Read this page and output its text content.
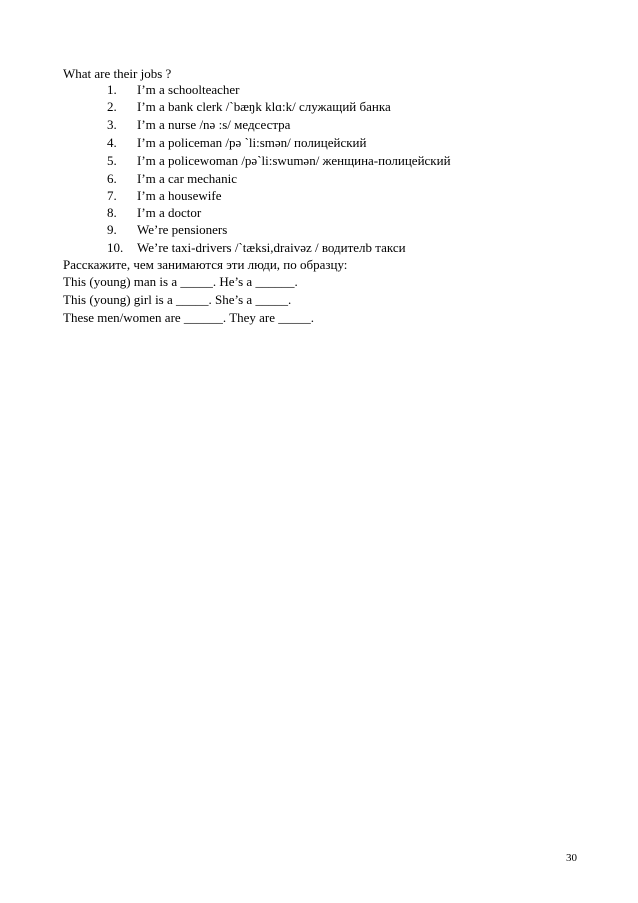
What are their jobs ?
1.	I’m a schoolteacher
2.	I’m a bank clerk /`bæŋk klɑ:k/ служащий банка
3.	I’m a nurse /nə :s/ медсестра
4.	I’m a policeman /pə `li:smən/ полицейский
5.	I’m a policewoman /pə`li:swumən/ женщина-полицейский
6.	I’m a car mechanic
7.	I’m a housewife
8.	I’m a doctor
9.	We’re pensioners
10.	We’re taxi-drivers /`tæksi,draivəz / водителb такси
Расскажите, чем занимаются эти люди, по образцу:
This (young) man is a _____. He’s a ______.
This (young) girl is a _____. She’s a _____.
These men/women are ______. They are _____.
30
